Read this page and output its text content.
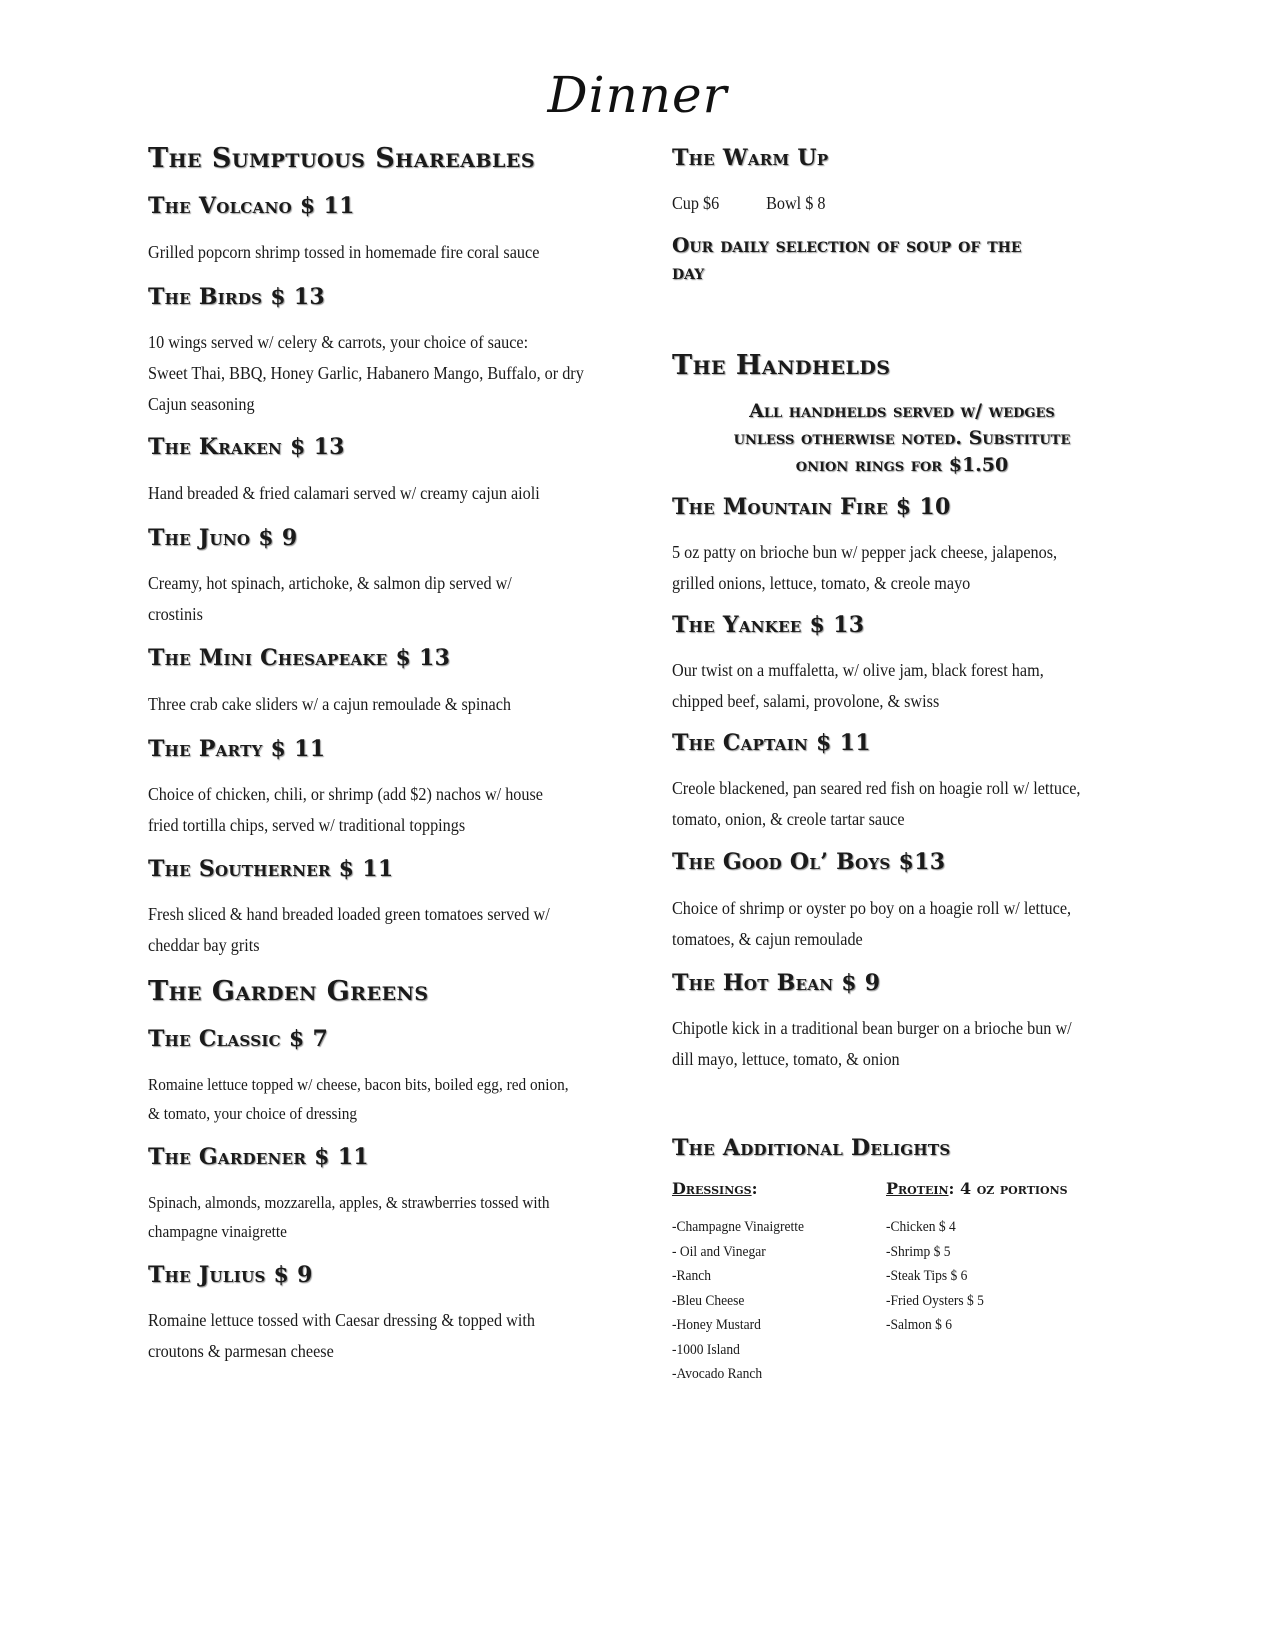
Dinner
The Sumptuous Shareables
The Volcano $ 11

Grilled popcorn shrimp tossed in homemade fire coral sauce

The Birds $ 13

10 wings served w/ celery & carrots, your choice of sauce:
Sweet Thai, BBQ, Honey Garlic, Habanero Mango, Buffalo, or dry
Cajun seasoning

The Kraken $ 13

Hand breaded & fried calamari served w/ creamy cajun aioli

The Juno $ 9

Creamy, hot spinach, artichoke, & salmon dip served w/
crostinis

The Mini Chesapeake $ 13

Three crab cake sliders w/ a cajun remoulade & spinach

The Party $ 11

Choice of chicken, chili, or shrimp (add $2) nachos w/ house
fried tortilla chips, served w/ traditional toppings

The Southerner $ 11

Fresh sliced & hand breaded loaded green tomatoes served w/
cheddar bay grits

The Garden Greens
The Classic $ 7

Romaine lettuce topped w/ cheese, bacon bits, boiled egg, red onion,
& tomato, your choice of dressing

The Gardener $ 11

Spinach, almonds, mozzarella, apples, & strawberries tossed with
champagne vinaigrette

The Julius $ 9

Romaine lettuce tossed with Caesar dressing & topped with
croutons & parmesan cheese

The Warm Up

Cup $6	Bowl $ 8

Our daily selection of soup of the
day

The Handhelds

All handhelds served w/ wedges
unless otherwise noted. Substitute
onion rings for $1.50

The Mountain Fire $ 10

5 oz patty on brioche bun w/ pepper jack cheese, jalapenos,
grilled onions, lettuce, tomato, & creole mayo

The Yankee $ 13

Our twist on a muffaletta, w/ olive jam, black forest ham,
chipped beef, salami, provolone, & swiss

The Captain $ 11

Creole blackened, pan seared red fish on hoagie roll w/ lettuce,
tomato, onion, & creole tartar sauce

The Good Ol’ Boys $13

Choice of shrimp or oyster po boy on a hoagie roll w/ lettuce,
tomatoes, & cajun remoulade

The Hot Bean $ 9

Chipotle kick in a traditional bean burger on a brioche bun w/
dill mayo, lettuce, tomato, & onion

The Additional Delights

Dressings:	Protein: 4 oz portions

-Champagne Vinaigrette
- Oil and Vinegar
-Ranch
-Bleu Cheese
-Honey Mustard
-1000 Island
-Avocado Ranch
-Chicken $ 4
-Shrimp $ 5
-Steak Tips $ 6
-Fried Oysters $ 5
-Salmon $ 6
